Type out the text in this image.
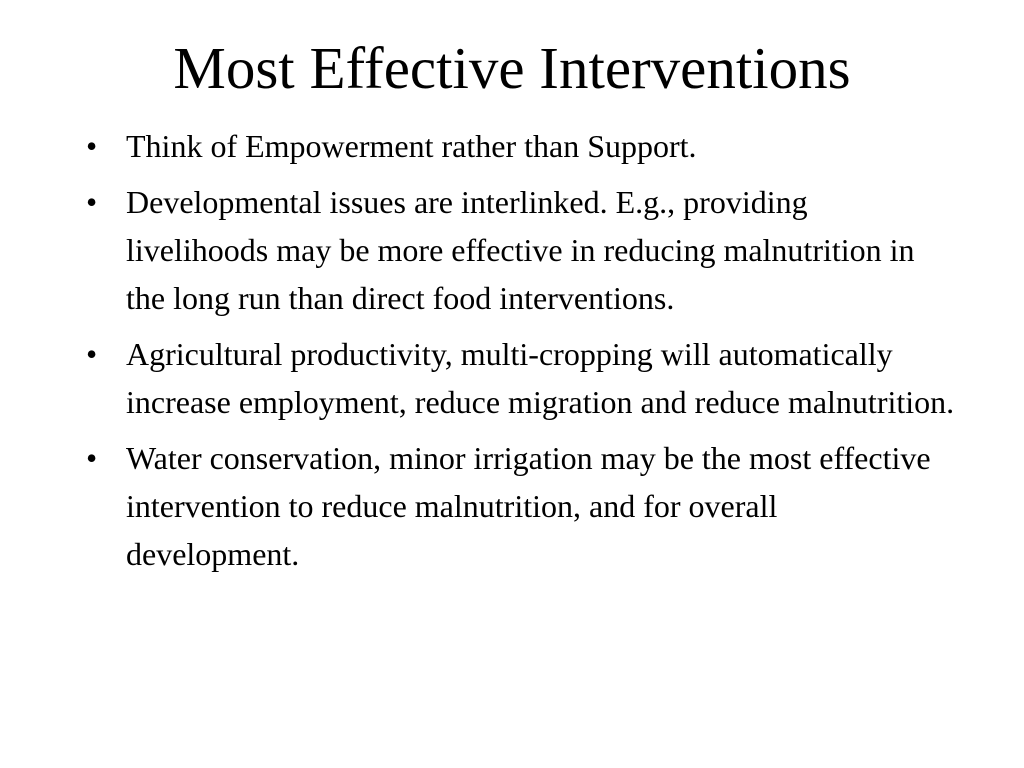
Most Effective Interventions
• Think of Empowerment rather than Support.
• Developmental issues are interlinked. E.g., providing livelihoods may be more effective in reducing malnutrition in the long run than direct food interventions.
• Agricultural productivity, multi-cropping will automatically increase employment, reduce migration and reduce malnutrition.
• Water conservation, minor irrigation may be the most effective intervention to reduce malnutrition, and for overall development.
